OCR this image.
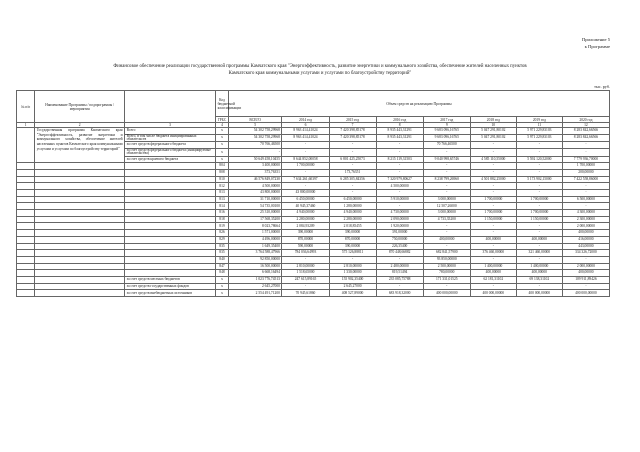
Приложение 5
к Программе
Финансовое обеспечение реализации государственной программы Камчатского края "Энергоэффективность, развитие энергетики и коммунального хозяйства, обеспечение жителей населенных пунктов
Камчатского края коммунальными услугами и услугами по благоустройству территорий"
тыс. руб.
№ п/п	Наименование Программы / подпрограммы / мероприятия		Код бюджетной классификации	Объем средств на реализацию Программы							
			ГРБС	ВСЕГО	2014 год	2015 год	2016 год	2017 год	2018 год	2019 год	2020 год
1	2	3	4	5	6	7	8	9	10	11	12
	Государственная программа Камчатского края "Энергоэффективность, развитие энергетики и коммунального хозяйства, обеспечение жителей населенных пунктов Камчатского края коммунальными услугами и услугами по благоустройству территорий"	Всего	х	54 302 758,29968	8 963 414,41024	7 420 398,85178	8 935 443,31291	9 683 096,16765	5 047 291,80102	5 971 229,83103	8 283 842,66566
		Всего, в том числе бюджета инициированных обязательств	х	54 302 758,29968	8 963 414,41024	7 420 398,85178	8 935 443,31291	9 683 096,16765	5 047 291,80102	5 971 229,83103	8 283 842,66566
		за счет средств федерального бюджета	х	70 766,46500	-	-	-	70 766,46500	-	-	-
		за счет средств федерального бюджета (инициируемые обязательства)	х	-	-	-	-	-	-	-	-
		за счет средств краевого бюджета	х	50 649 458,10455	8 644 852,00058	6 801 425,25073	8 215 119,31503	9 040 998,65746	4 585 110,55000	5 592 120,52000	7 779 936,70000
			804	3 400,00000	1 700,00000	-	-	-	-	-	1 700,00000
			808	373,76351	-	173,76351	-	-	-	-	200,00000
			810	46 576 849,07230	7 634 261,60397	6 285 305,84356	7 320 979,80627	8 238 799,26960	4 501 882,25000	5 173 902,15000	7 422 558,86000
			812	4 500,00000	-	-	4 500,00000	-	-	-	-
			813	43 800,00000	43 800,00000	-	-	-	-	-	-
			813	31 710,00000	6 450,00000	6 450,00000	5 910,00000	3 000,00000	1 700,00000	1 700,00000	6 500,00000
			814	54 735,00100	40 945,37460	1 280,00000	-	12 507,26000	-	-	-
			816	25 310,00000	4 940,00000	4 940,00000	4 730,00000	3 000,00000	1 700,00000	1 700,00000	4 300,00000
			818	17 568,35200	2 280,00000	2 280,00000	2 090,00000	4 733,35200	1 150,00000	1 150,00000	2 300,00000
			819	8 023,78664	2 084,93209	2 018,85455	1 920,00000	-	-	-	2 000,00000
			826	1 571,00000	390,00000	390,00000	391,00000	-	-	-	400,00000
			829	4 496,00000	870,00000	870,00000	750,00000	400,00000	400,00000	400,00000	416,00000
			835	1 649,35400	590,00000	390,00000	226,35400	-	-	-	443,00000
			835	3 764 588,47966	784 036,64993	575 126,88811	870 448,66882	682 841,57900	376 460,00000	321 460,00000	334 326,72000
			840	92 850,00000	-	-	-	93 850,00000	-	-	-
			847	16 500,00000	2 810,00000	2 810,00000	2 480,00000	2 500,00000	1 400,00000	1 400,00000	2 000,00000
			848	6 668,16494	1 518,65000	1 330,00000	819,51494	780,00000	400,00000	400,00000	400,00000
		за счет средств местных бюджетов	х	1 023 776,74513	247 615,89165	155 902,35400	235 085,75788	171 331,01525	62 181,31102	69 138,31102	109 911,89426
		за счет средств государственных фондов	х	2 645,27000	-	2 645,27000	-	-	-	-	-
		за счет средств внебюджетных источников	х	2 554 491,71200	70 945,61860	408 527,89000	683 918,32000	400 000,00000	400 000,00000	400 000,00000	400 000,00000
